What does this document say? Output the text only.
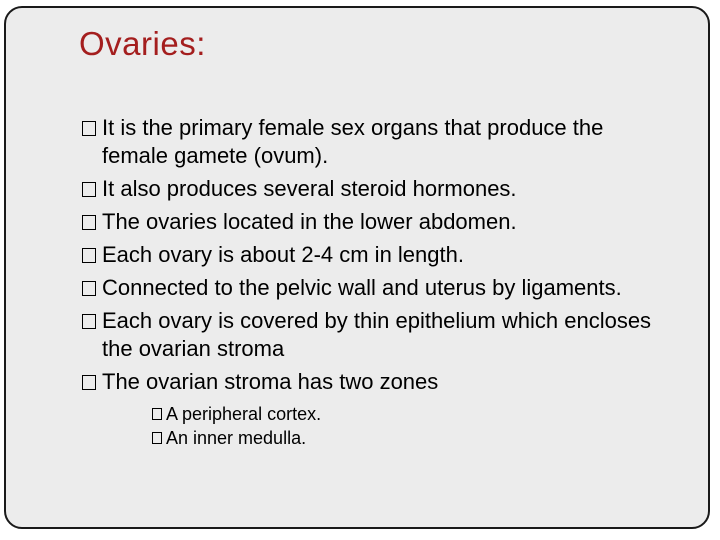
Ovaries:
It is the primary female sex organs that produce the female gamete (ovum).
It also produces several steroid hormones.
The ovaries located in the lower abdomen.
Each ovary is about 2-4 cm in length.
Connected to the pelvic wall and uterus by ligaments.
Each ovary is covered by thin epithelium which encloses the ovarian stroma
The ovarian stroma has two zones
A peripheral cortex.
An inner medulla.
